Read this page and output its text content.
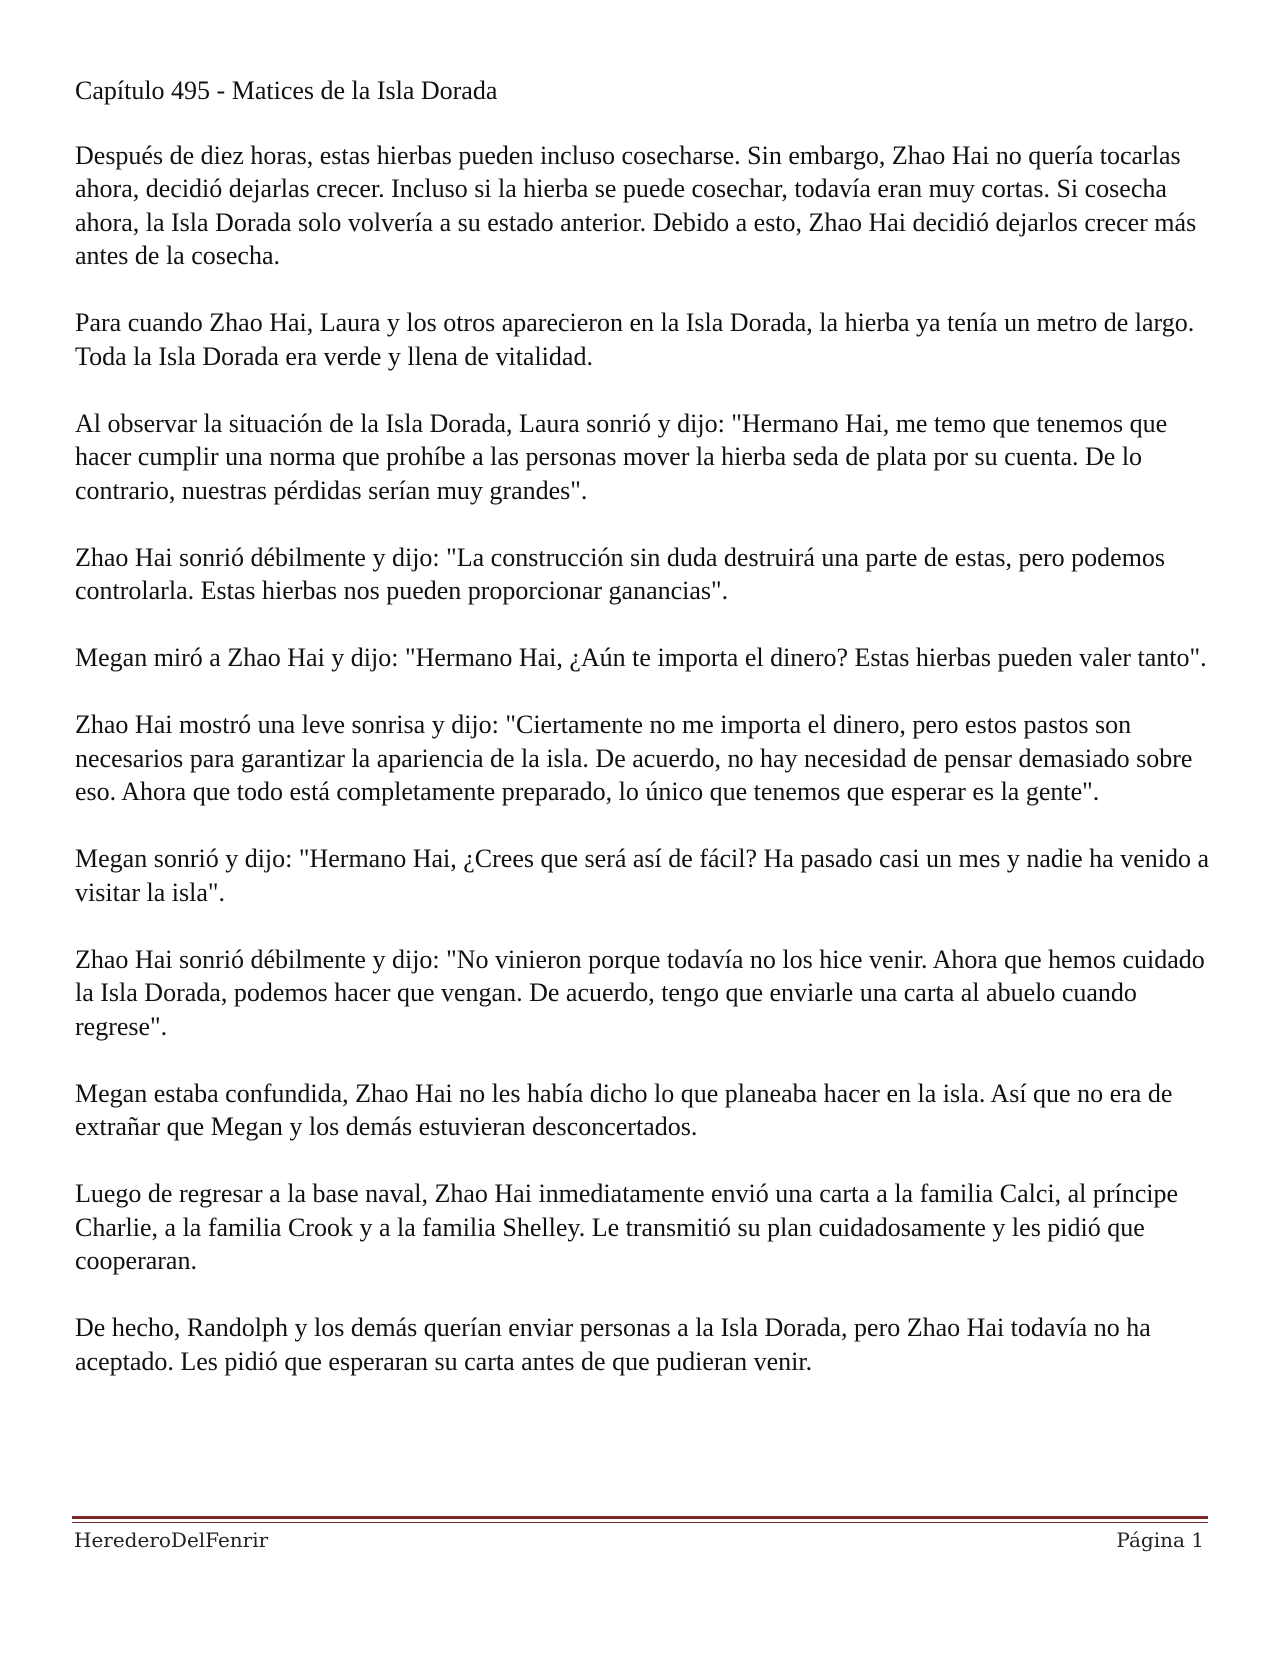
Capítulo 495 - Matices de la Isla Dorada

Después de diez horas, estas hierbas pueden incluso cosecharse. Sin embargo, Zhao Hai no quería tocarlas ahora, decidió dejarlas crecer. Incluso si la hierba se puede cosechar, todavía eran muy cortas. Si cosecha ahora, la Isla Dorada solo volvería a su estado anterior. Debido a esto, Zhao Hai decidió dejarlos crecer más antes de la cosecha.

Para cuando Zhao Hai, Laura y los otros aparecieron en la Isla Dorada, la hierba ya tenía un metro de largo. Toda la Isla Dorada era verde y llena de vitalidad.

Al observar la situación de la Isla Dorada, Laura sonrió y dijo: "Hermano Hai, me temo que tenemos que hacer cumplir una norma que prohíbe a las personas mover la hierba seda de plata por su cuenta. De lo contrario, nuestras pérdidas serían muy grandes".

Zhao Hai sonrió débilmente y dijo: "La construcción sin duda destruirá una parte de estas, pero podemos controlarla. Estas hierbas nos pueden proporcionar ganancias".

Megan miró a Zhao Hai y dijo: "Hermano Hai, ¿Aún te importa el dinero? Estas hierbas pueden valer tanto".

Zhao Hai mostró una leve sonrisa y dijo: "Ciertamente no me importa el dinero, pero estos pastos son necesarios para garantizar la apariencia de la isla. De acuerdo, no hay necesidad de pensar demasiado sobre eso. Ahora que todo está completamente preparado, lo único que tenemos que esperar es la gente".

Megan sonrió y dijo: "Hermano Hai, ¿Crees que será así de fácil? Ha pasado casi un mes y nadie ha venido a visitar la isla".

Zhao Hai sonrió débilmente y dijo: "No vinieron porque todavía no los hice venir. Ahora que hemos cuidado la Isla Dorada, podemos hacer que vengan. De acuerdo, tengo que enviarle una carta al abuelo cuando regrese".

Megan estaba confundida, Zhao Hai no les había dicho lo que planeaba hacer en la isla. Así que no era de extrañar que Megan y los demás estuvieran desconcertados.

Luego de regresar a la base naval, Zhao Hai inmediatamente envió una carta a la familia Calci, al príncipe Charlie, a la familia Crook y a la familia Shelley. Le transmitió su plan cuidadosamente y les pidió que cooperaran.

De hecho, Randolph y los demás querían enviar personas a la Isla Dorada, pero Zhao Hai todavía no ha aceptado. Les pidió que esperaran su carta antes de que pudieran venir.

HerederoDelFenrir	Página 1
